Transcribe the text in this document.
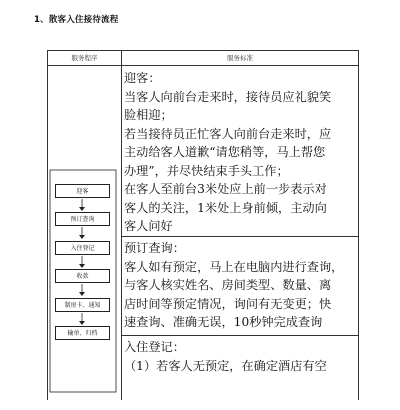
1、散客入住接待流程
服务程序	服务标准
迎客
预订查询
入住登记
收款
制房卡、通知
输单、归档

迎客：

当客人向前台走来时，接待员应礼貌笑

脸相迎；

若当接待员正忙客人向前台走来时，应

主动给客人道歉“请您稍等，马上帮您

办理”，并尽快结束手头工作；

在客人至前台3米处应上前一步表示对

客人的关注，1米处上身前倾，主动向

客人问好

预订查询：

客人如有预定，马上在电脑内进行查询，

与客人核实姓名、房间类型、数量、离

店时间等预定情况，询问有无变更；快

速查询、准确无误，10秒钟完成查询

入住登记：

（1）若客人无预定，在确定酒店有空
